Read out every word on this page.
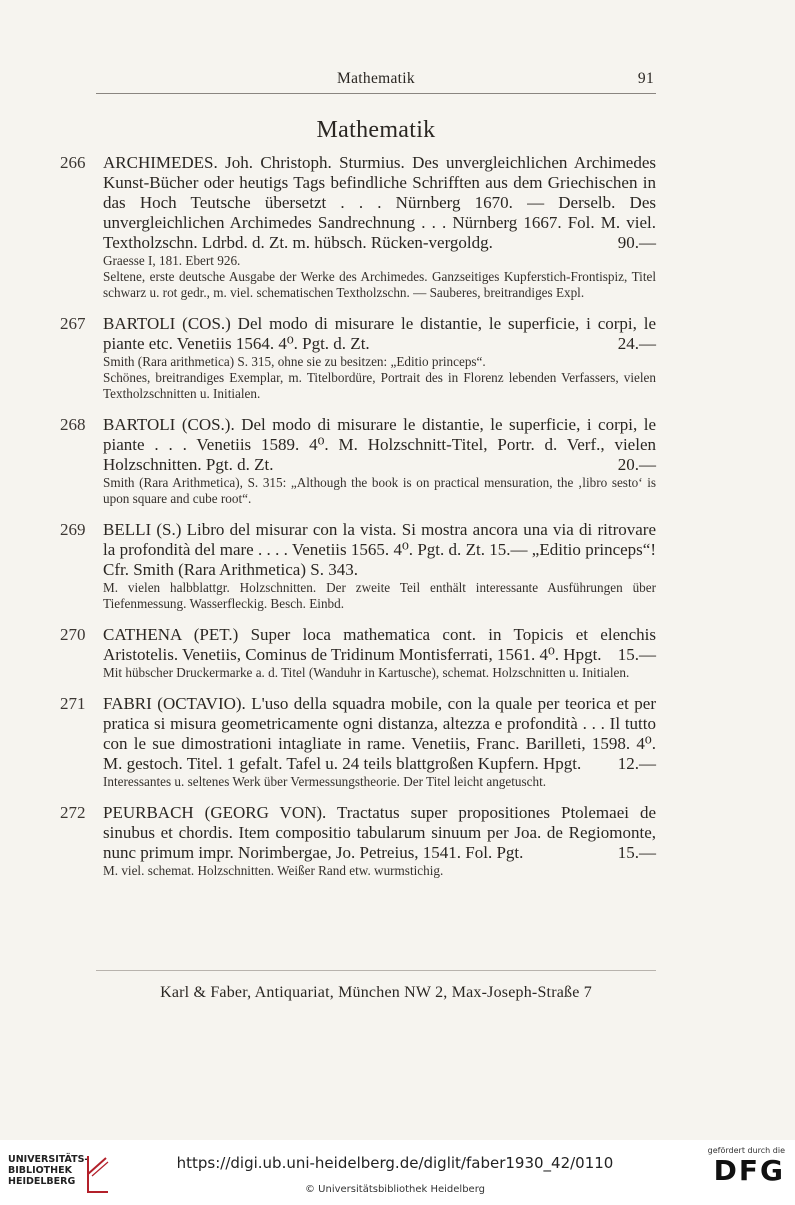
Mathematik	91
Mathematik
266 ARCHIMEDES. Joh. Christoph. Sturmius. Des unvergleichlichen Archimedes Kunst-Bücher oder heutigs Tags befindliche Schrifften aus dem Griechischen in das Hoch Teutsche übersetzt . . . Nürnberg 1670. — Derselb. Des unvergleichlichen Archimedes Sandrechnung . . . Nürnberg 1667. Fol. M. viel. Textholzschn. Ldrbd. d. Zt. m. hübsch. Rücken-vergoldg.	90.—
Graesse I, 181. Ebert 926.
Seltene, erste deutsche Ausgabe der Werke des Archimedes. Ganzseitiges Kupferstich-Frontispiz, Titel schwarz u. rot gedr., m. viel. schematischen Textholzschn. — Sauberes, breitrandiges Expl.
267 BARTOLI (COS.) Del modo di misurare le distantie, le superficie, i corpi, le piante etc. Venetiis 1564. 4⁰. Pgt. d. Zt.	24.—
Smith (Rara arithmetica) S. 315, ohne sie zu besitzen: „Editio princeps“.
Schönes, breitrandiges Exemplar, m. Titelbordüre, Portrait des in Florenz lebenden Verfassers, vielen Textholzschnitten u. Initialen.
268 BARTOLI (COS.). Del modo di misurare le distantie, le superficie, i corpi, le piante . . . Venetiis 1589. 4⁰. M. Holzschnitt-Titel, Portr. d. Verf., vielen Holzschnitten. Pgt. d. Zt.	20.—
Smith (Rara Arithmetica), S. 315: „Although the book is on practical mensuration, the ‚libro sesto‘ is upon square and cube root“.
269 BELLI (S.) Libro del misurar con la vista. Si mostra ancora una via di ritrovare la profondità del mare . . . . Venetiis 1565. 4⁰. Pgt. d. Zt. 15.— „Editio princeps“! Cfr. Smith (Rara Arithmetica) S. 343.
M. vielen halbblattgr. Holzschnitten. Der zweite Teil enthält interessante Ausführungen über Tiefenmessung. Wasserfleckig. Besch. Einbd.
270 CATHENA (PET.) Super loca mathematica cont. in Topicis et elenchis Aristotelis. Venetiis, Cominus de Tridinum Montisferrati, 1561. 4⁰. Hpgt. 15.—
Mit hübscher Druckermarke a. d. Titel (Wanduhr in Kartusche), schemat. Holzschnitten u. Initialen.
271 FABRI (OCTAVIO). L'uso della squadra mobile, con la quale per teorica et per pratica si misura geometricamente ogni distanza, altezza e profondità . . . Il tutto con le sue dimostrationi intagliate in rame. Venetiis, Franc. Barilleti, 1598. 4⁰. M. gestoch. Titel. 1 gefalt. Tafel u. 24 teils blattgroßen Kupfern. Hpgt. 12.—
Interessantes u. seltenes Werk über Vermessungstheorie. Der Titel leicht angetuscht.
272 PEURBACH (GEORG VON). Tractatus super propositiones Ptolemaei de sinubus et chordis. Item compositio tabularum sinuum per Joa. de Regiomonte, nunc primum impr. Norimbergae, Jo. Petreius, 1541. Fol. Pgt.	15.—
M. viel. schemat. Holzschnitten. Weißer Rand etw. wurmstichig.
Karl & Faber, Antiquariat, München NW 2, Max-Joseph-Straße 7
UNIVERSITÄTS-
BIBLIOTHEK
HEIDELBERG
https://digi.ub.uni-heidelberg.de/diglit/faber1930_42/0110
© Universitätsbibliothek Heidelberg
gefördert durch die
DFG
